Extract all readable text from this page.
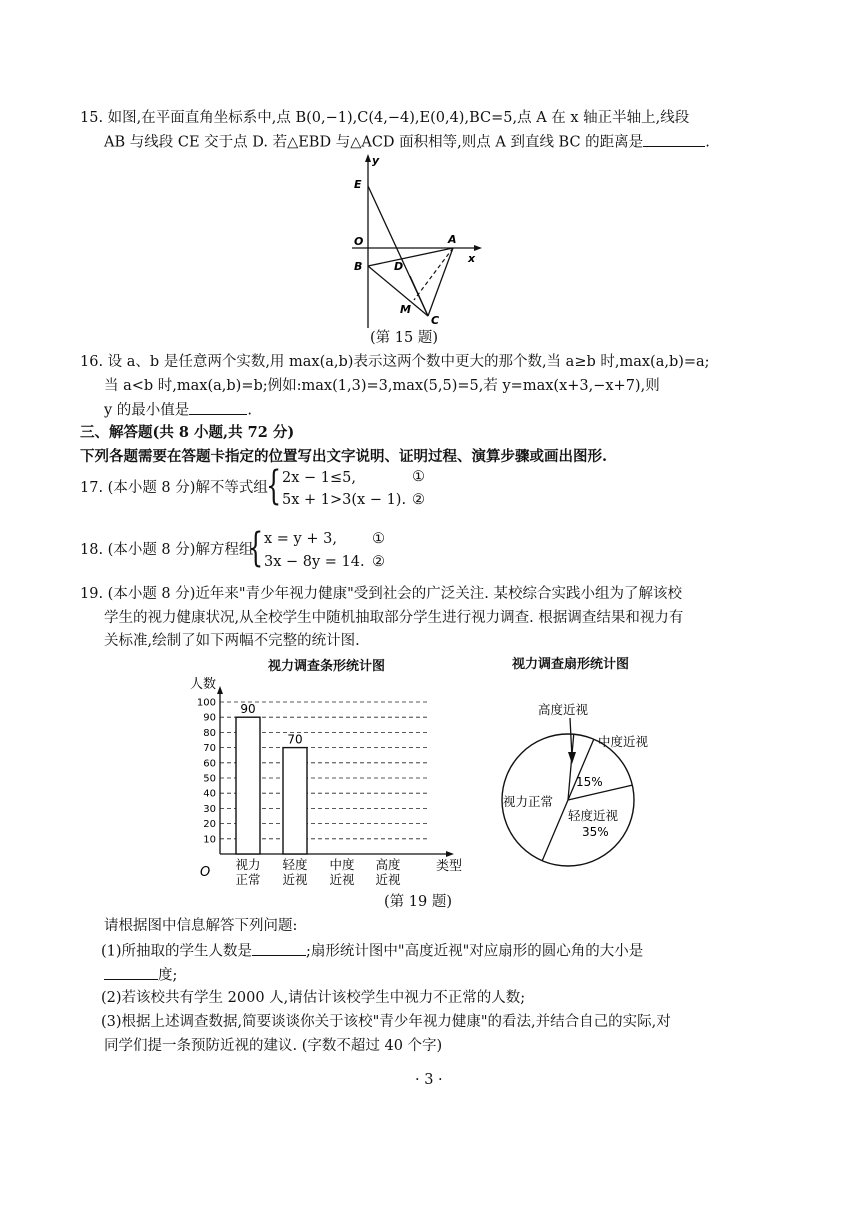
15. 如图,在平面直角坐标系中,点 B(0,−1),C(4,−4),E(0,4),BC=5,点 A 在 x 轴正半轴上,线段
AB 与线段 CE 交于点 D. 若△EBD 与△ACD 面积相等,则点 A 到直线 BC 的距离是	.
E
y
O	A
x
B	D
M
C
(第 15 题)
16. 设 a、b 是任意两个实数,用 max(a,b)表示这两个数中更大的那个数,当 a≥b 时,max(a,b)=a;
当 a<b 时,max(a,b)=b;例如:max(1,3)=3,max(5,5)=5,若 y=max(x+3,−x+7),则
y 的最小值是	.
三、解答题(共 8 小题,共 72 分)
下列各题需要在答题卡指定的位置写出文字说明、证明过程、演算步骤或画出图形.
17. (本小题 8 分)解不等式组
{ 2x − 1≤5,
5x + 1>3(x − 1).
①
②
18. (本小题 8 分)解方程组
{ x = y + 3,
3x − 8y = 14.
①
②
19. (本小题 8 分)近年来"青少年视力健康"受到社会的广泛关注. 某校综合实践小组为了解该校
学生的视力健康状况,从全校学生中随机抽取部分学生进行视力调查. 根据调查结果和视力有
关标准,绘制了如下两幅不完整的统计图.
视力调查条形统计图	视力调查扇形统计图
人数
10
20
30
40
50
60
70
80
90
100
O	类型
90
视力
正常
70
轻度
近视
中度
近视
高度
近视
高度近视
中度近视
15%
轻度近视
35%
视力正常
(第 19 题)
请根据图中信息解答下列问题:
(1)所抽取的学生人数是	;扇形统计图中"高度近视"对应扇形的圆心角的大小是
度;
(2)若该校共有学生 2000 人,请估计该校学生中视力不正常的人数;
(3)根据上述调查数据,简要谈谈你关于该校"青少年视力健康"的看法,并结合自己的实际,对
同学们提一条预防近视的建议. (字数不超过 40 个字)
· 3 ·
